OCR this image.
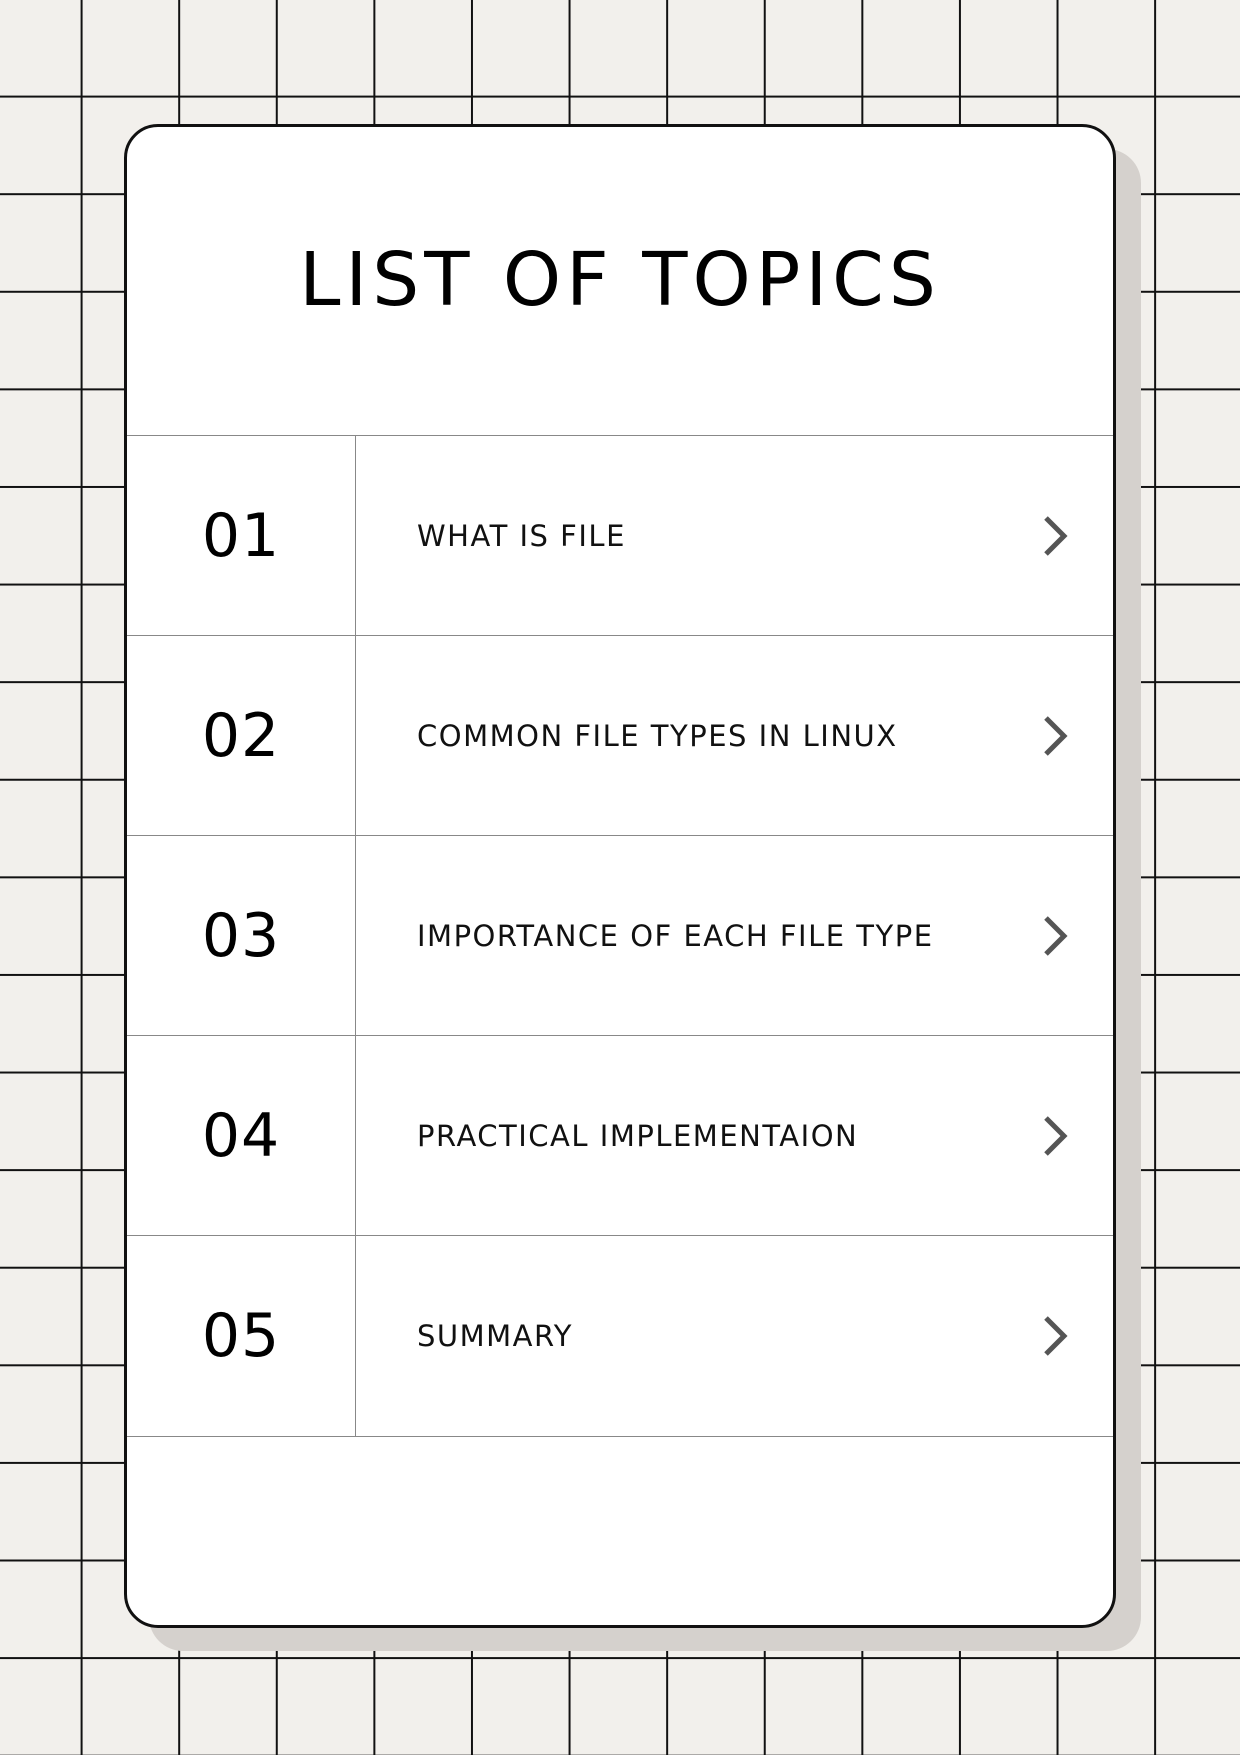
LIST OF TOPICS
01	WHAT IS FILE
02	COMMON FILE TYPES IN LINUX
03	IMPORTANCE OF EACH FILE TYPE
04	PRACTICAL IMPLEMENTAION
05	SUMMARY
